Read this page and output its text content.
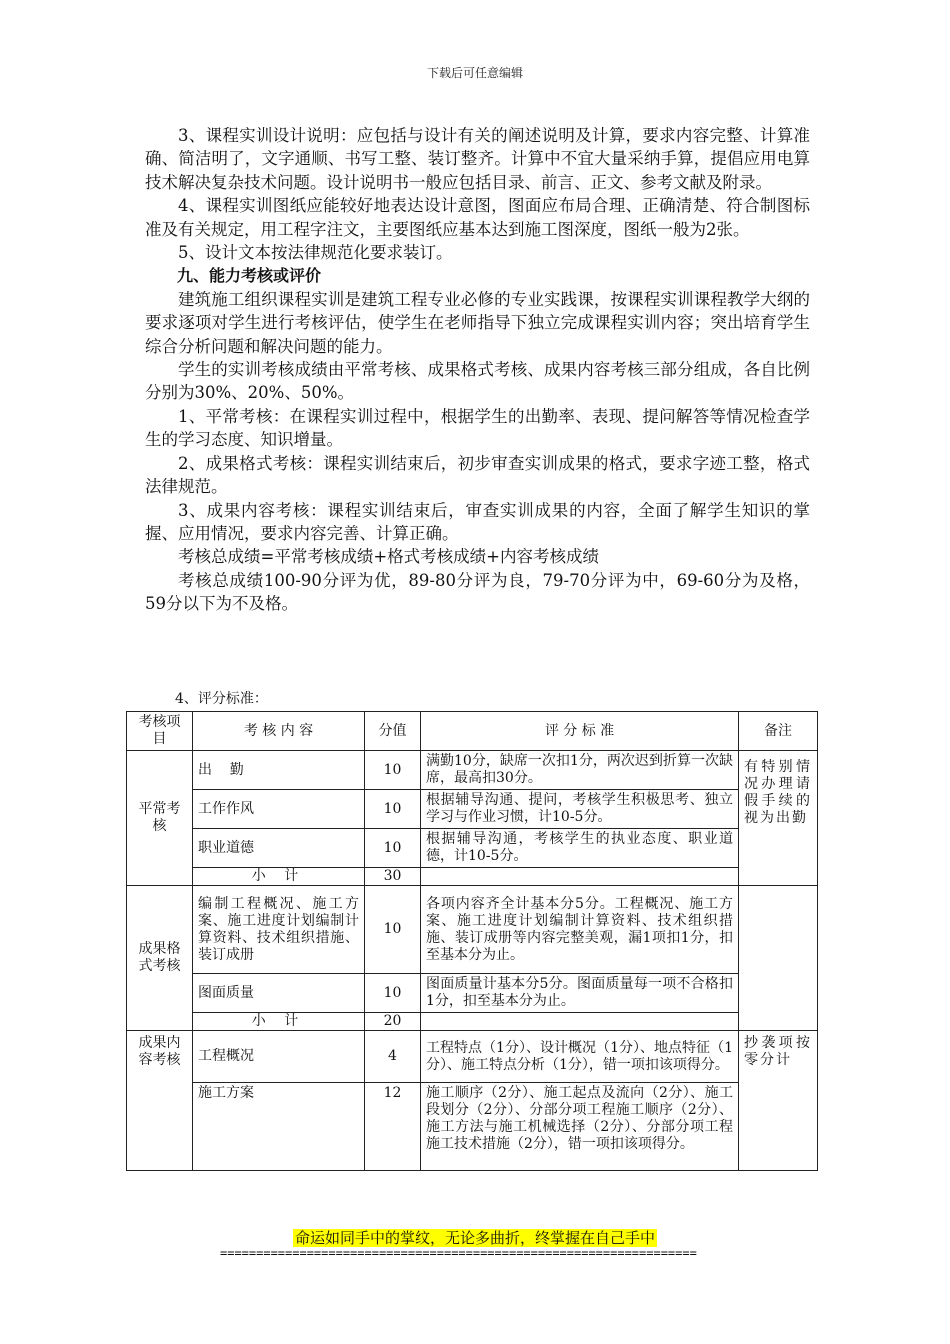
下载后可任意编辑

3、课程实训设计说明：应包括与设计有关的阐述说明及计算，要求内容完整、计算准确、简洁明了，文字通顺、书写工整、装订整齐。计算中不宜大量采纳手算，提倡应用电算技术解决复杂技术问题。设计说明书一般应包括目录、前言、正文、参考文献及附录。

4、课程实训图纸应能较好地表达设计意图，图面应布局合理、正确清楚、符合制图标准及有关规定，用工程字注文，主要图纸应基本达到施工图深度，图纸一般为2张。

5、设计文本按法律规范化要求装订。

九、能力考核或评价

建筑施工组织课程实训是建筑工程专业必修的专业实践课，按课程实训课程教学大纲的要求逐项对学生进行考核评估，使学生在老师指导下独立完成课程实训内容；突出培育学生综合分析问题和解决问题的能力。

学生的实训考核成绩由平常考核、成果格式考核、成果内容考核三部分组成，各自比例分别为30%、20%、50%。

1、平常考核：在课程实训过程中，根据学生的出勤率、表现、提问解答等情况检查学生的学习态度、知识增量。

2、成果格式考核：课程实训结束后，初步审查实训成果的格式，要求字迹工整，格式法律规范。

3、成果内容考核：课程实训结束后，审查实训成果的内容，全面了解学生知识的掌握、应用情况，要求内容完善、计算正确。

考核总成绩=平常考核成绩+格式考核成绩+内容考核成绩

考核总成绩100-90分评为优，89-80分评为良，79-70分评为中，69-60分为及格，59分以下为不及格。

4、评分标准：
考核项目	考 核 内 容	分值	评 分 标 准	备注
平常考核	出    勤	10	满勤10分，缺席一次扣1分，两次迟到折算一次缺席，最高扣30分。	有特别情况办理请假手续的视为出勤
	工作作风	10	根据辅导沟通、提问，考核学生积极思考、独立学习与作业习惯，计10-5分。	
	职业道德	10	根据辅导沟通，考核学生的执业态度、职业道德，计10-5分。	
	小 计	30		
成果格式考核	编制工程概况、施工方案、施工进度计划编制计算资料、技术组织措施、装订成册	10	各项内容齐全计基本分5分。工程概况、施工方案、施工进度计划编制计算资料、技术组织措施、装订成册等内容完整美观，漏1项扣1分，扣至基本分为止。	
	图面质量	10	图面质量计基本分5分。图面质量每一项不合格扣1分，扣至基本分为止。	
	小 计	20		
成果内容考核	工程概况	4	工程特点（1分）、设计概况（1分）、地点特征（1分）、施工特点分析（1分），错一项扣该项得分。	抄袭项按零分计
	施工方案	12	施工顺序（2分）、施工起点及流向（2分）、施工段划分（2分）、分部分项工程施工顺序（2分）、施工方法与施工机械选择（2分）、分部分项工程施工技术措施（2分），错一项扣该项得分。	
命运如同手中的掌纹，无论多曲折，终掌握在自己手中
==================================================================
